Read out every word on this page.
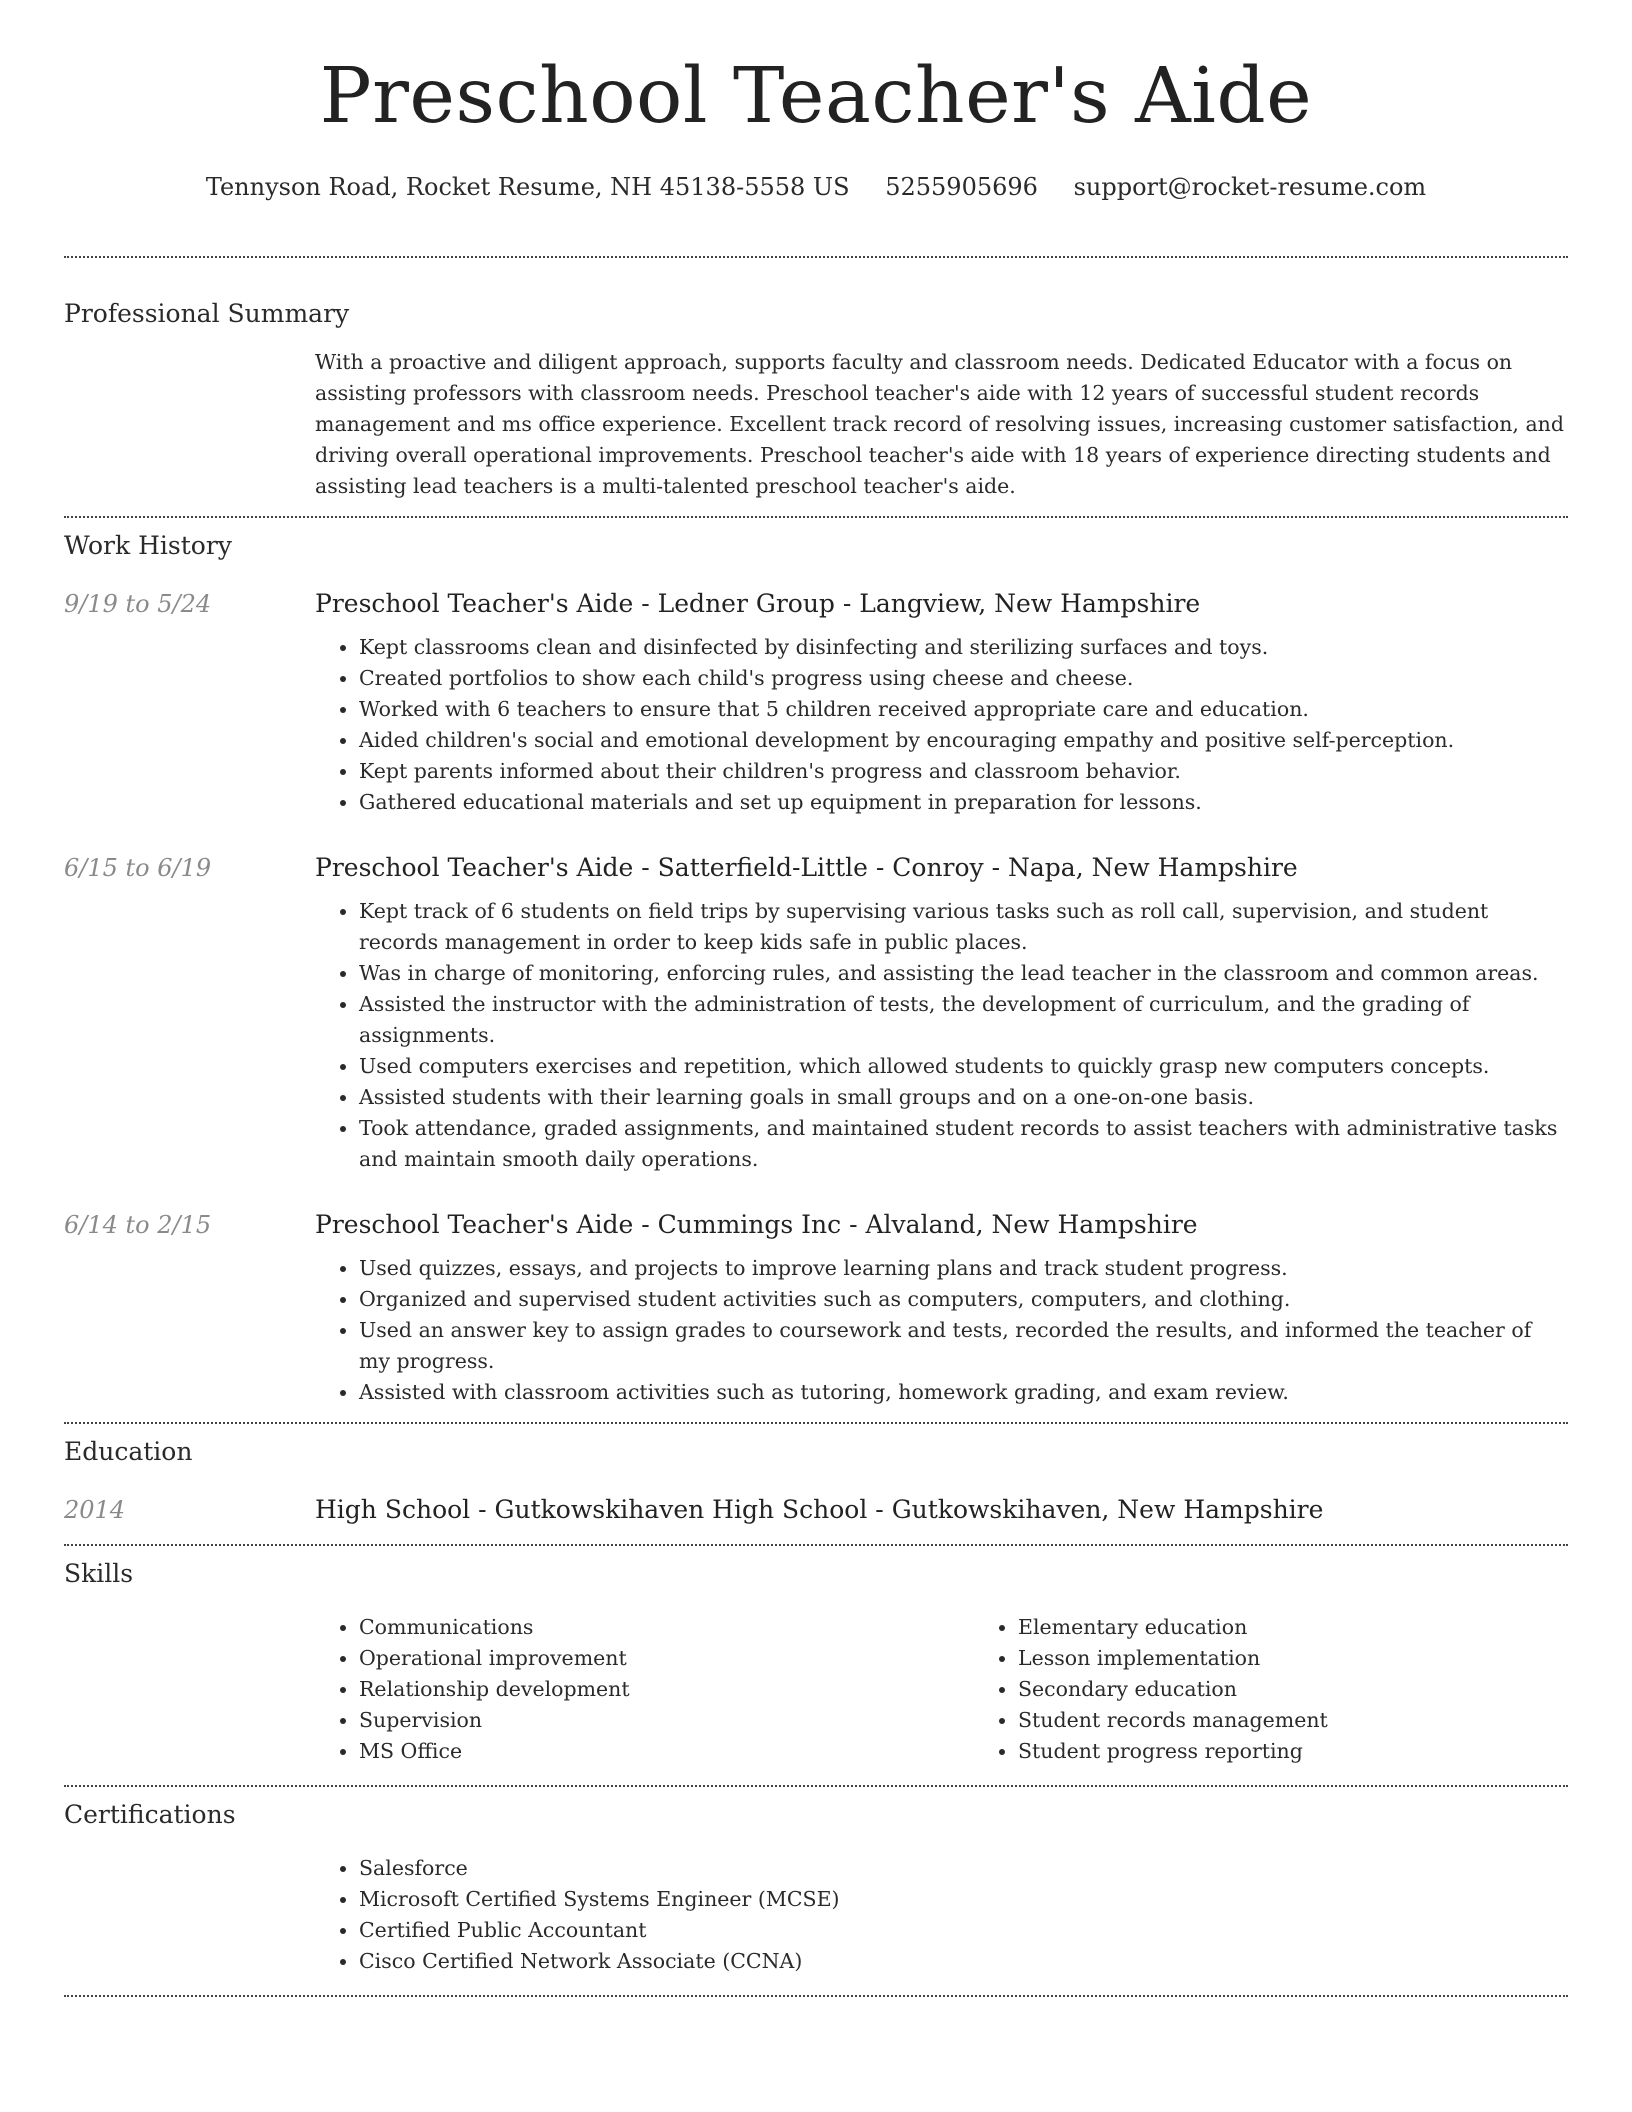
Preschool Teacher's Aide
Tennyson Road, Rocket Resume, NH 45138-5558 US 5255905696 support@rocket-resume.com
Professional Summary
With a proactive and diligent approach, supports faculty and classroom needs. Dedicated Educator with a focus on assisting professors with classroom needs. Preschool teacher's aide with 12 years of successful student records management and ms office experience. Excellent track record of resolving issues, increasing customer satisfaction, and driving overall operational improvements. Preschool teacher's aide with 18 years of experience directing students and assisting lead teachers is a multi-talented preschool teacher's aide.
Work History
9/19 to 5/24	Preschool Teacher's Aide - Ledner Group - Langview, New Hampshire
• Kept classrooms clean and disinfected by disinfecting and sterilizing surfaces and toys.
• Created portfolios to show each child's progress using cheese and cheese.
• Worked with 6 teachers to ensure that 5 children received appropriate care and education.
• Aided children's social and emotional development by encouraging empathy and positive self-perception.
• Kept parents informed about their children's progress and classroom behavior.
• Gathered educational materials and set up equipment in preparation for lessons.
6/15 to 6/19	Preschool Teacher's Aide - Satterfield-Little - Conroy - Napa, New Hampshire
• Kept track of 6 students on field trips by supervising various tasks such as roll call, supervision, and student records management in order to keep kids safe in public places.
• Was in charge of monitoring, enforcing rules, and assisting the lead teacher in the classroom and common areas.
• Assisted the instructor with the administration of tests, the development of curriculum, and the grading of assignments.
• Used computers exercises and repetition, which allowed students to quickly grasp new computers concepts.
• Assisted students with their learning goals in small groups and on a one-on-one basis.
• Took attendance, graded assignments, and maintained student records to assist teachers with administrative tasks and maintain smooth daily operations.
6/14 to 2/15	Preschool Teacher's Aide - Cummings Inc - Alvaland, New Hampshire
• Used quizzes, essays, and projects to improve learning plans and track student progress.
• Organized and supervised student activities such as computers, computers, and clothing.
• Used an answer key to assign grades to coursework and tests, recorded the results, and informed the teacher of my progress.
• Assisted with classroom activities such as tutoring, homework grading, and exam review.
Education
2014	High School - Gutkowskihaven High School - Gutkowskihaven, New Hampshire
Skills
• Communications
• Operational improvement
• Relationship development
• Supervision
• MS Office
• Elementary education
• Lesson implementation
• Secondary education
• Student records management
• Student progress reporting
Certifications
• Salesforce
• Microsoft Certified Systems Engineer (MCSE)
• Certified Public Accountant
• Cisco Certified Network Associate (CCNA)
